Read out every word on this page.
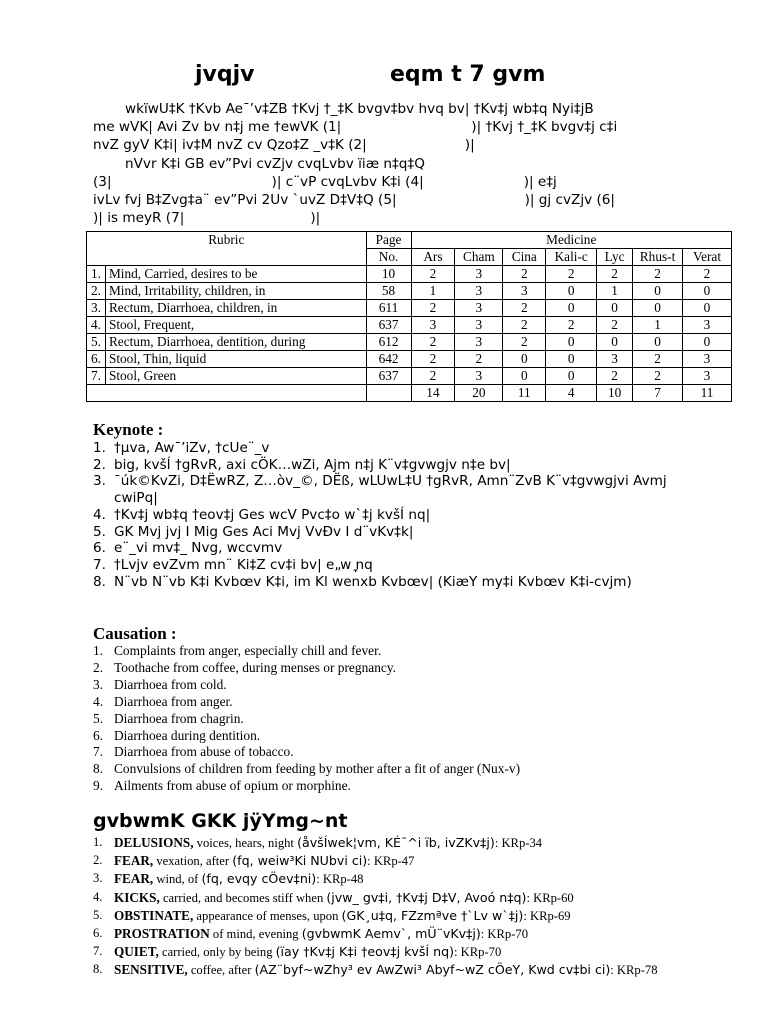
jvqjv	eqm t 7 gvm
wkïwU‡K †Kvb Ae¯’v‡ZB †Kvj †_‡K bvgv‡bv hvq bv| †Kv‡j wb‡q Nyi‡jB
me wVK| Avi Zv bv n‡j me †ewVK (1|	)| †Kvj †_‡K bvgv‡j c‡i
nvZ gyV K‡i| iv‡M nvZ cv Qzo‡Z _v‡K (2|	)|
nVvr K‡i GB ev”Pvi cvZjv cvqLvbv ïiæ n‡q‡Q
(3|	)| c¨vP cvqLvbv K‡i (4|	)| e‡j
ivLv fvj B‡Zvg‡a¨ ev”Pvi 2Uv `uvZ D‡V‡Q (5|	)| gj cvZjv (6|
)| is meyR (7|	)|
Rubric		Page	Medicine						
		No.	Ars	Cham	Cina	Kali-c	Lyc	Rhus-t	Verat
1.	Mind, Carried, desires to be	10	2	3	2	2	2	2	2
2.	Mind, Irritability, children, in	58	1	3	3	0	1	0	0
3.	Rectum, Diarrhoea, children, in	611	2	3	2	0	0	0	0
4.	Stool, Frequent,	637	3	3	2	2	2	1	3
5.	Rectum, Diarrhoea, dentition, during	612	2	3	2	0	0	0	0
6.	Stool, Thin, liquid	642	2	2	0	0	3	2	3
7.	Stool, Green	637	2	3	0	0	2	2	3
			14	20	11	4	10	7	11
Keynote :
1. †µva, Aw¯’iZv, †cUe¨_v
2. big, kvšÍ †gRvR, axi cÖK…wZi, Ajm n‡j K¨v‡gvwgjv n‡e bv|
3. ¯úk©KvZi, D‡ËwRZ, Z…òv_©, DËß, wLUwL‡U †gRvR, Amn¨ZvB K¨v‡gvwgjvi Avmj cwiPq|
4. †Kv‡j wb‡q †eov‡j Ges wcV Pvc‡o w`‡j kvšÍ nq|
5. GK Mvj jvj I Mig Ges Aci Mvj VvÐv I d¨vKv‡k|
6. e¨_vi mv‡_ Nvg, wccvmv
7. †Lvjv evZvm mn¨ Ki‡Z cv‡i bv| e„wׇ nq
8. N¨vb N¨vb K‡i Kvbœv K‡i, im Kl wenxb Kvbœv| (KiæY my‡i Kvbœv K‡i-cvjm)
Causation :
1. Complaints from anger, especially chill and fever.
2. Toothache from coffee, during menses or pregnancy.
3. Diarrhoea from cold.
4. Diarrhoea from anger.
5. Diarrhoea from chagrin.
6. Diarrhoea during dentition.
7. Diarrhoea from abuse of tobacco.
8. Convulsions of children from feeding by mother after a fit of anger (Nux-v)
9. Ailments from abuse of opium or morphine.
gvbwmK GKK jÿYmg~nt
1. DELUSIONS, voices, hears, night (åvšÍwek¦vm, KÉ¯^i ïb, ivZKv‡j): KRp-34
2. FEAR, vexation, after (fq, weiw³Ki NUbvi ci): KRp-47
3. FEAR, wind, of (fq, evqy cÖev‡ni): KRp-48
4. KICKS, carried, and becomes stiff when (jvw_ gv‡i, †Kv‡j D‡V, Avoó n‡q): KRp-60
5. OBSTINATE, appearance of menses, upon (GK¸u‡q, FZzmªve †`Lv w`‡j): KRp-69
6. PROSTRATION of mind, evening (gvbwmK Aemv`, mÜ¨vKv‡j): KRp-70
7. QUIET, carried, only by being (ïay †Kv‡j K‡i †eov‡j kvšÍ nq): KRp-70
8. SENSITIVE, coffee, after (AZ¨byf~wZhy³ ev AwZwi³ Abyf~wZ cÖeY, Kwd cv‡bi ci): KRp-78
